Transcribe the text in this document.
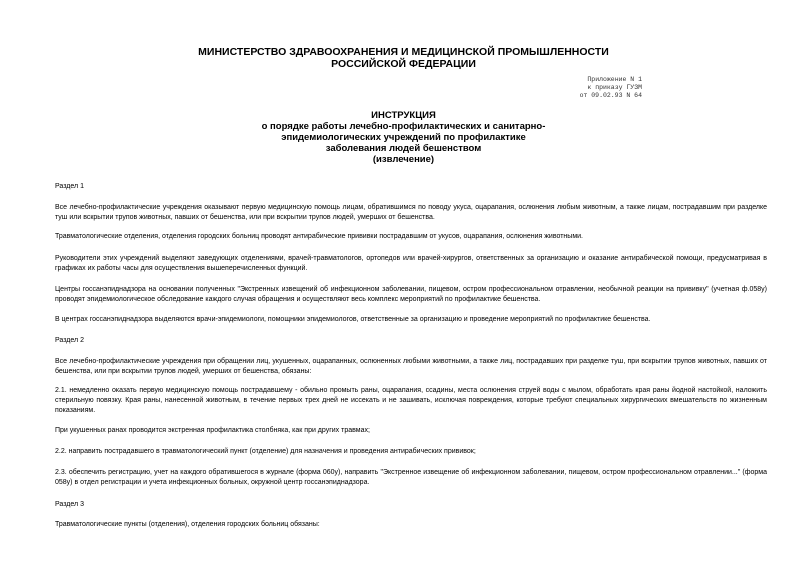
МИНИСТЕРСТВО ЗДРАВООХРАНЕНИЯ И МЕДИЦИНСКОЙ ПРОМЫШЛЕННОСТИ
РОССИЙСКОЙ ФЕДЕРАЦИИ
Приложение N 1
к приказу ГУЗМ
от 09.02.93 N 64
ИНСТРУКЦИЯ
о порядке работы лечебно-профилактических и санитарно-
эпидемиологических учреждений по профилактике
заболевания людей бешенством
(извлечение)
Раздел 1
Все лечебно-профилактические учреждения оказывают первую медицинскую помощь лицам, обратившимся по поводу укуса, оцарапания, ослюнения любым животным, а также лицам, пострадавшим при разделке туш или вскрытии трупов животных, павших от бешенства, или при вскрытии трупов людей, умерших от бешенства.
Травматологические отделения, отделения городских больниц проводят антирабические прививки пострадавшим от укусов, оцарапания, ослюнения животными.
Руководители этих учреждений выделяют заведующих отделениями, врачей-травматологов, ортопедов или врачей-хирургов, ответственных за организацию и оказание антирабической помощи, предусматривая в графиках их работы часы для осуществления вышеперечисленных функций.
Центры госсанэпиднадзора на основании полученных "Экстренных извещений об инфекционном заболевании, пищевом, остром профессиональном отравлении, необычной реакции на прививку" (учетная ф.058у) проводят эпидемиологическое обследование каждого случая обращения и осуществляют весь комплекс мероприятий по профилактике бешенства.
В центрах госсанэпиднадзора выделяются врачи-эпидемиологи, помощники эпидемиологов, ответственные за организацию и проведение мероприятий по профилактике бешенства.
Раздел 2
Все лечебно-профилактические учреждения при обращении лиц, укушенных, оцарапанных, ослюненных любыми животными, а также лиц, пострадавших при разделке туш, при вскрытии трупов животных, павших от бешенства, или при вскрытии трупов людей, умерших от бешенства, обязаны:
2.1. немедленно оказать первую медицинскую помощь пострадавшему - обильно промыть раны, оцарапания, ссадины, места ослюнения струей воды с мылом, обработать края раны йодной настойкой, наложить стерильную повязку. Края раны, нанесенной животным, в течение первых трех дней не иссекать и не зашивать, исключая повреждения, которые требуют специальных хирургических вмешательств по жизненным показаниям.
При укушенных ранах проводится экстренная профилактика столбняка, как при других травмах;
2.2. направить пострадавшего в травматологический пункт (отделение) для назначения и проведения антирабических прививок;
2.3. обеспечить регистрацию, учет на каждого обратившегося в журнале (форма 060у), направить "Экстренное извещение об инфекционном заболевании, пищевом, остром профессиональном отравлении..." (форма 058у) в отдел регистрации и учета инфекционных больных, окружной центр госсанэпиднадзора.
Раздел 3
Травматологические пункты (отделения), отделения городских больниц обязаны:
